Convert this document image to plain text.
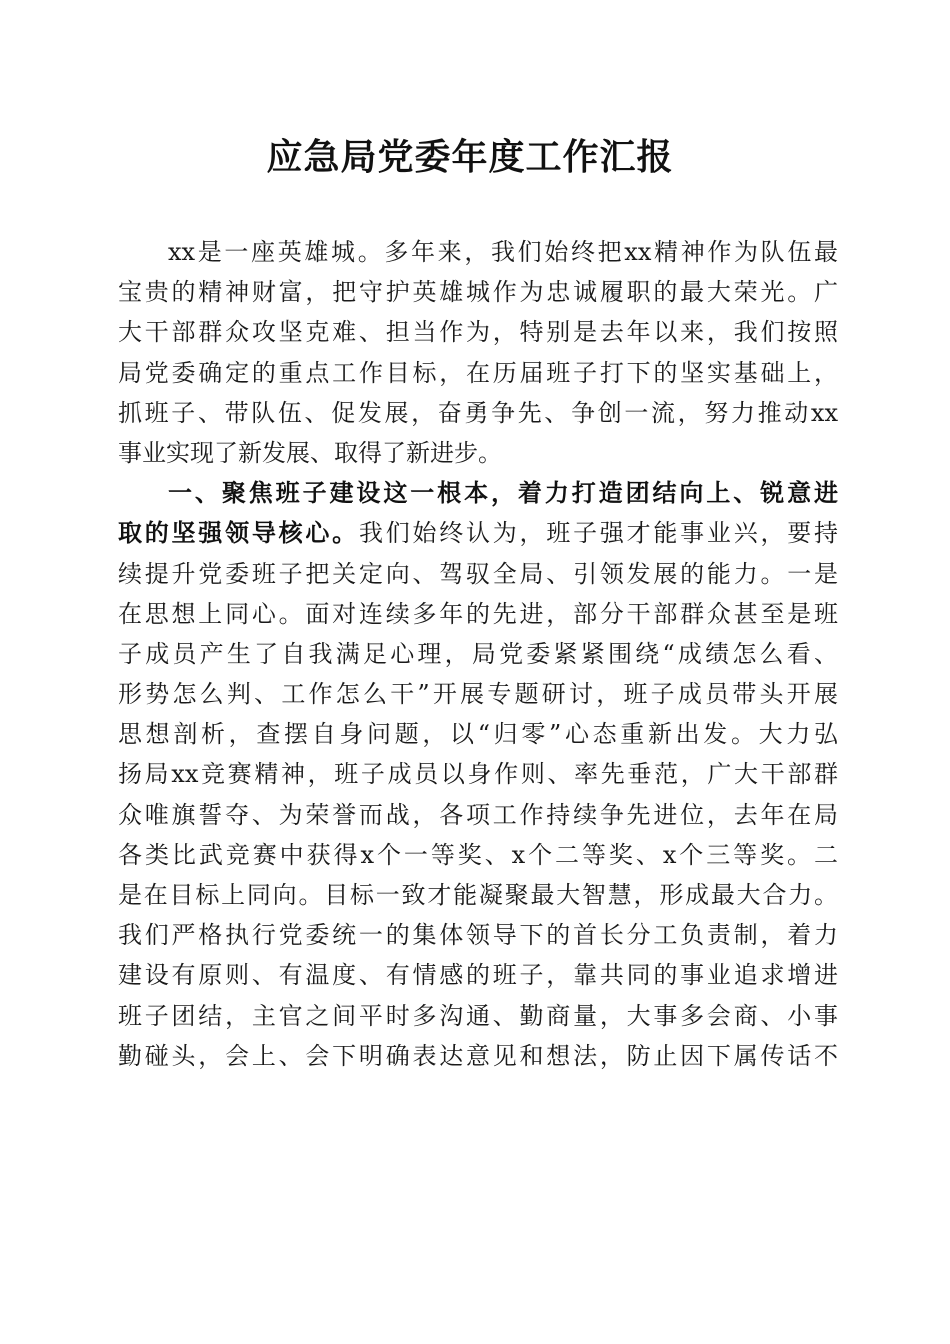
应急局党委年度工作汇报
xx是一座英雄城。多年来，我们始终把xx精神作为队伍最
宝贵的精神财富，把守护英雄城作为忠诚履职的最大荣光。广
大干部群众攻坚克难、担当作为，特别是去年以来，我们按照
局党委确定的重点工作目标，在历届班子打下的坚实基础上，
抓班子、带队伍、促发展，奋勇争先、争创一流，努力推动xx
事业实现了新发展、取得了新进步。
一、聚焦班子建设这一根本，着力打造团结向上、锐意进
取的坚强领导核心。我们始终认为，班子强才能事业兴，要持
续提升党委班子把关定向、驾驭全局、引领发展的能力。一是
在思想上同心。面对连续多年的先进，部分干部群众甚至是班
子成员产生了自我满足心理，局党委紧紧围绕“成绩怎么看、
形势怎么判、工作怎么干”开展专题研讨，班子成员带头开展
思想剖析，查摆自身问题，以“归零”心态重新出发。大力弘
扬局xx竞赛精神，班子成员以身作则、率先垂范，广大干部群
众唯旗誓夺、为荣誉而战，各项工作持续争先进位，去年在局
各类比武竞赛中获得x个一等奖、x个二等奖、x个三等奖。二
是在目标上同向。目标一致才能凝聚最大智慧，形成最大合力。
我们严格执行党委统一的集体领导下的首长分工负责制，着力
建设有原则、有温度、有情感的班子，靠共同的事业追求增进
班子团结，主官之间平时多沟通、勤商量，大事多会商、小事
勤碰头，会上、会下明确表达意见和想法，防止因下属传话不
